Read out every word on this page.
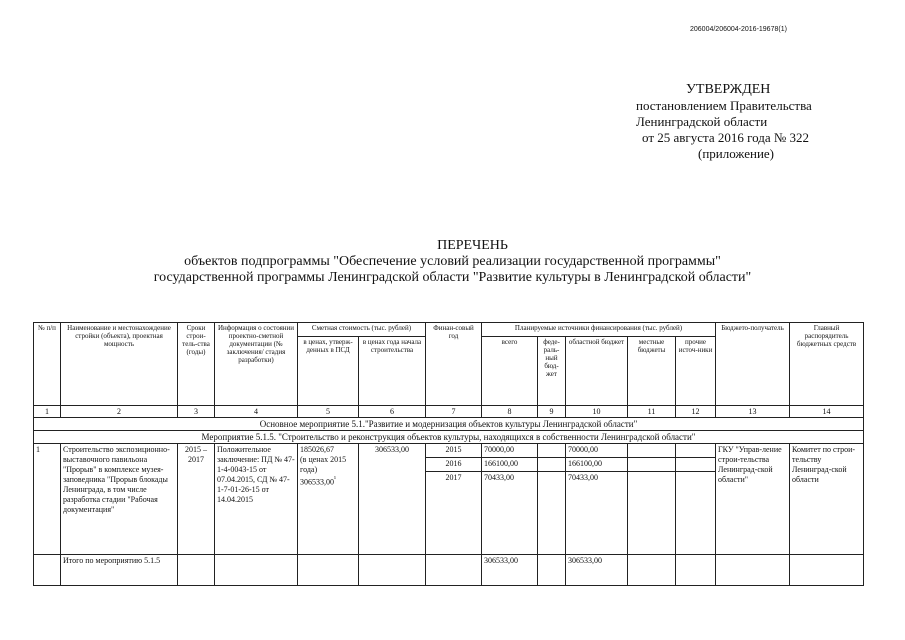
206004/206004-2016-19678(1)
УТВЕРЖДЕН
постановлением Правительства
Ленинградской области
от 25 августа 2016 года № 322
(приложение)
ПЕРЕЧЕНЬ
объектов подпрограммы "Обеспечение условий реализации государственной программы"
государственной программы Ленинградской области "Развитие культуры в Ленинградской области"
№ п/п	Наименование и местонахождение стройки (объекта), проектная мощность	Сроки строи-тель-ства (годы)	Информация о состоянии проектно-сметной документации (№ заключения/ стадия разработки)	Сметная стоимость (тыс. рублей)		Финан-совый год	Планируемые источники финансирования (тыс. рублей)					Бюджето-получатель	Главный распорядитель бюджетных средств
				в ценах, утверж-денных в ПСД	в ценах года начала строительства		всего	феде-раль-ный бюд-жет	областной бюджет	местные бюджеты	прочие источ-ники		
1	2	3	4	5	6	7	8	9	10	11	12	13	14
Основное мероприятие 5.1."Развитие и модернизация объектов культуры Ленинградской области"													
Мероприятие 5.1.5. "Строительство и реконструкция объектов культуры, находящихся в собственности Ленинградской области"													
1	Строительство экспозиционно-выставочного павильона "Прорыв" в комплексе музея-заповедника "Прорыв блокады Ленинграда, в том числе разработка стадии "Рабочая документация"	2015 – 2017	Положительное заключение: ПД № 47-1-4-0043-15 от 07.04.2015, СД № 47-1-7-01-26-15 от 14.04.2015	185026,67
(в ценах 2015 года)
$306533,00^{^1}$	306533,00	2015	70000,00		70000,00			ГКУ "Управ-ление строи-тельства Ленинград-ской области"	Комитет по строи-тельству Ленинград-ской области
						2016	166100,00		166100,00				
						2017	70433,00		70433,00				
	Итого по мероприятию 5.1.5						306533,00		306533,00				
